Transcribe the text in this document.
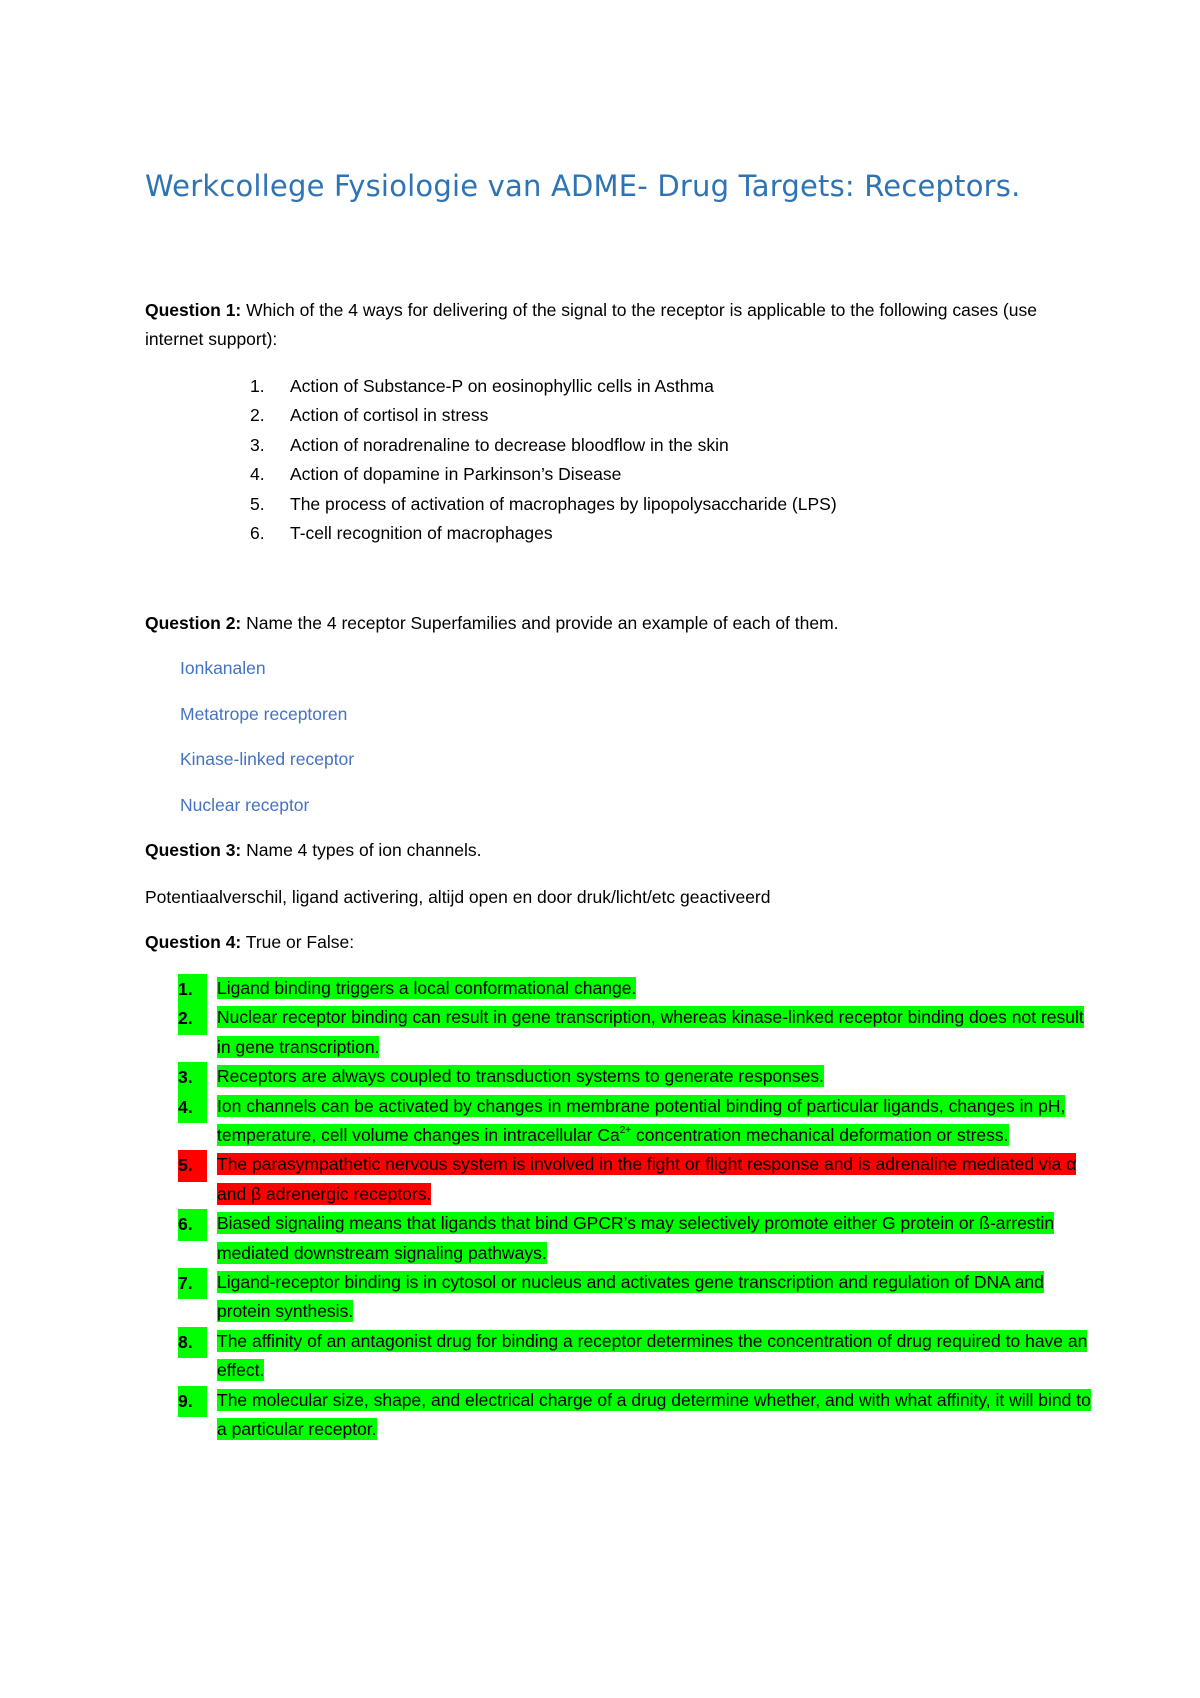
Werkcollege Fysiologie van ADME- Drug Targets: Receptors.
Question 1: Which of the 4 ways for delivering of the signal to the receptor is applicable to the following cases (use internet support):
1. Action of Substance-P on eosinophyllic cells in Asthma
2. Action of cortisol in stress
3. Action of noradrenaline to decrease bloodflow in the skin
4. Action of dopamine in Parkinson’s Disease
5. The process of activation of macrophages by lipopolysaccharide (LPS)
6. T-cell recognition of macrophages
Question 2: Name the 4 receptor Superfamilies and provide an example of each of them.
Ionkanalen
Metatrope receptoren
Kinase-linked receptor
Nuclear receptor
Question 3: Name 4 types of ion channels.
Potentiaalverschil, ligand activering, altijd open en door druk/licht/etc geactiveerd
Question 4: True or False:
1.	Ligand binding triggers a local conformational change.
2.	Nuclear receptor binding can result in gene transcription, whereas kinase-linked receptor binding does not result in gene transcription.
3.	Receptors are always coupled to transduction systems to generate responses.
4.	Ion channels can be activated by changes in membrane potential binding of particular ligands, changes in pH, temperature, cell volume changes in intracellular $Ca^{2+}$ concentration mechanical deformation or stress.
5.	The parasympathetic nervous system is involved in the fight or flight response and is adrenaline mediated via α and β adrenergic receptors.
6.	Biased signaling means that ligands that bind GPCR’s may selectively promote either G protein or ß-arrestin mediated downstream signaling pathways.
7.	Ligand-receptor binding is in cytosol or nucleus and activates gene transcription and regulation of DNA and protein synthesis.
8.	The affinity of an antagonist drug for binding a receptor determines the concentration of drug required to have an effect.
9.	The molecular size, shape, and electrical charge of a drug determine whether, and with what affinity, it will bind to a particular receptor.
